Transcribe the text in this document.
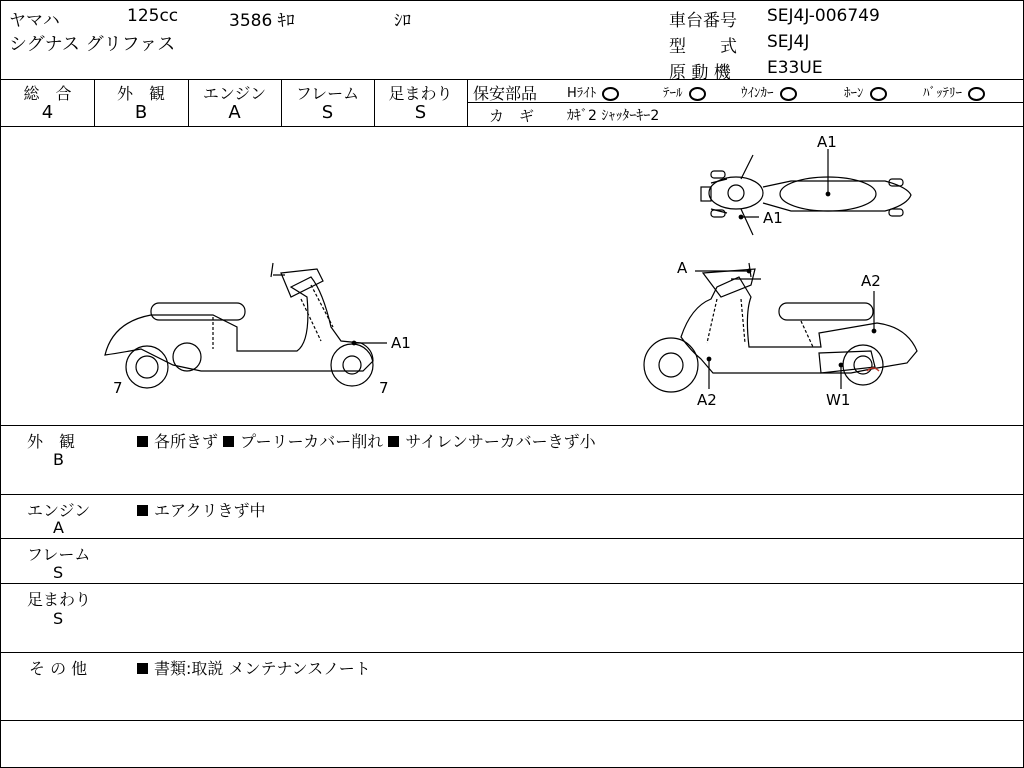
ヤマハ	125cc	3586 ｷﾛ	ｼﾛ
シグナス グリファス
車台番号 SEJ4J-006749
型　　式 SEJ4J
原 動 機 E33UE
総　合
4
外　観
B
エンジン
A
フレーム
S
足まわり
S
保安部品 Hﾗｲﾄ	ﾃｰﾙ	ｳｲﾝｶｰ	ﾎｰﾝ	ﾊﾞｯﾃﾘｰ
カ　ギ ｶｷﾞ2 ｼｬｯﾀｰｷｰ2
7	7
A1
A1
A1
A
A2
A2	W1
外　観
B
各所きず プーリーカバー削れ サイレンサーカバーきず小
エンジン
A
エアクリきず中
フレーム
S
足まわり
S
そ の 他	書類:取説 メンテナンスノート
